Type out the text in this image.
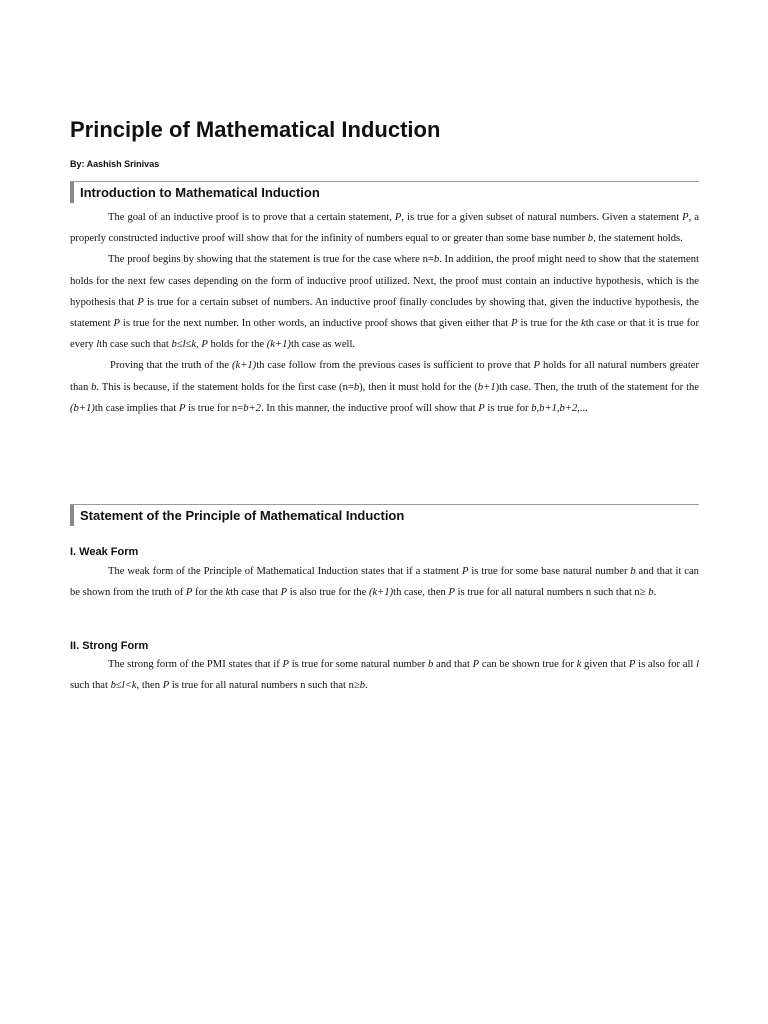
Principle of Mathematical Induction
By: Aashish Srinivas
Introduction to Mathematical Induction

The goal of an inductive proof is to prove that a certain statement, P, is true for a given subset of natural numbers. Given a statement P, a properly constructed inductive proof will show that for the infinity of numbers equal to or greater than some base number b, the statement holds.

The proof begins by showing that the statement is true for the case where n=b. In addition, the proof might need to show that the statement holds for the next few cases depending on the form of inductive proof utilized. Next, the proof must contain an inductive hypothesis, which is the hypothesis that P is true for a certain subset of numbers. An inductive proof finally concludes by showing that, given the inductive hypothesis, the statement P is true for the next number. In other words, an inductive proof shows that given either that P is true for the kth case or that it is true for every lth case such that b≤l≤k, P holds for the (k+1)th case as well.

Proving that the truth of the (k+1)th case follow from the previous cases is sufficient to prove that P holds for all natural numbers greater than b. This is because, if the statement holds for the first case (n=b), then it must hold for the (b+1)th case. Then, the truth of the statement for the (b+1)th case implies that P is true for n=b+2. In this manner, the inductive proof will show that P is true for b,b+1,b+2,...

Statement of the Principle of Mathematical Induction
I. Weak Form

The weak form of the Principle of Mathematical Induction states that if a statment P is true for some base natural number b and that it can be shown from the truth of P for the kth case that P is also true for the (k+1)th case, then P is true for all natural numbers n such that n≥ b.

II. Strong Form

The strong form of the PMI states that if P is true for some natural number b and that P can be shown true for k given that P is also for all l such that b≤l<k, then P is true for all natural numbers n such that n≥b.
